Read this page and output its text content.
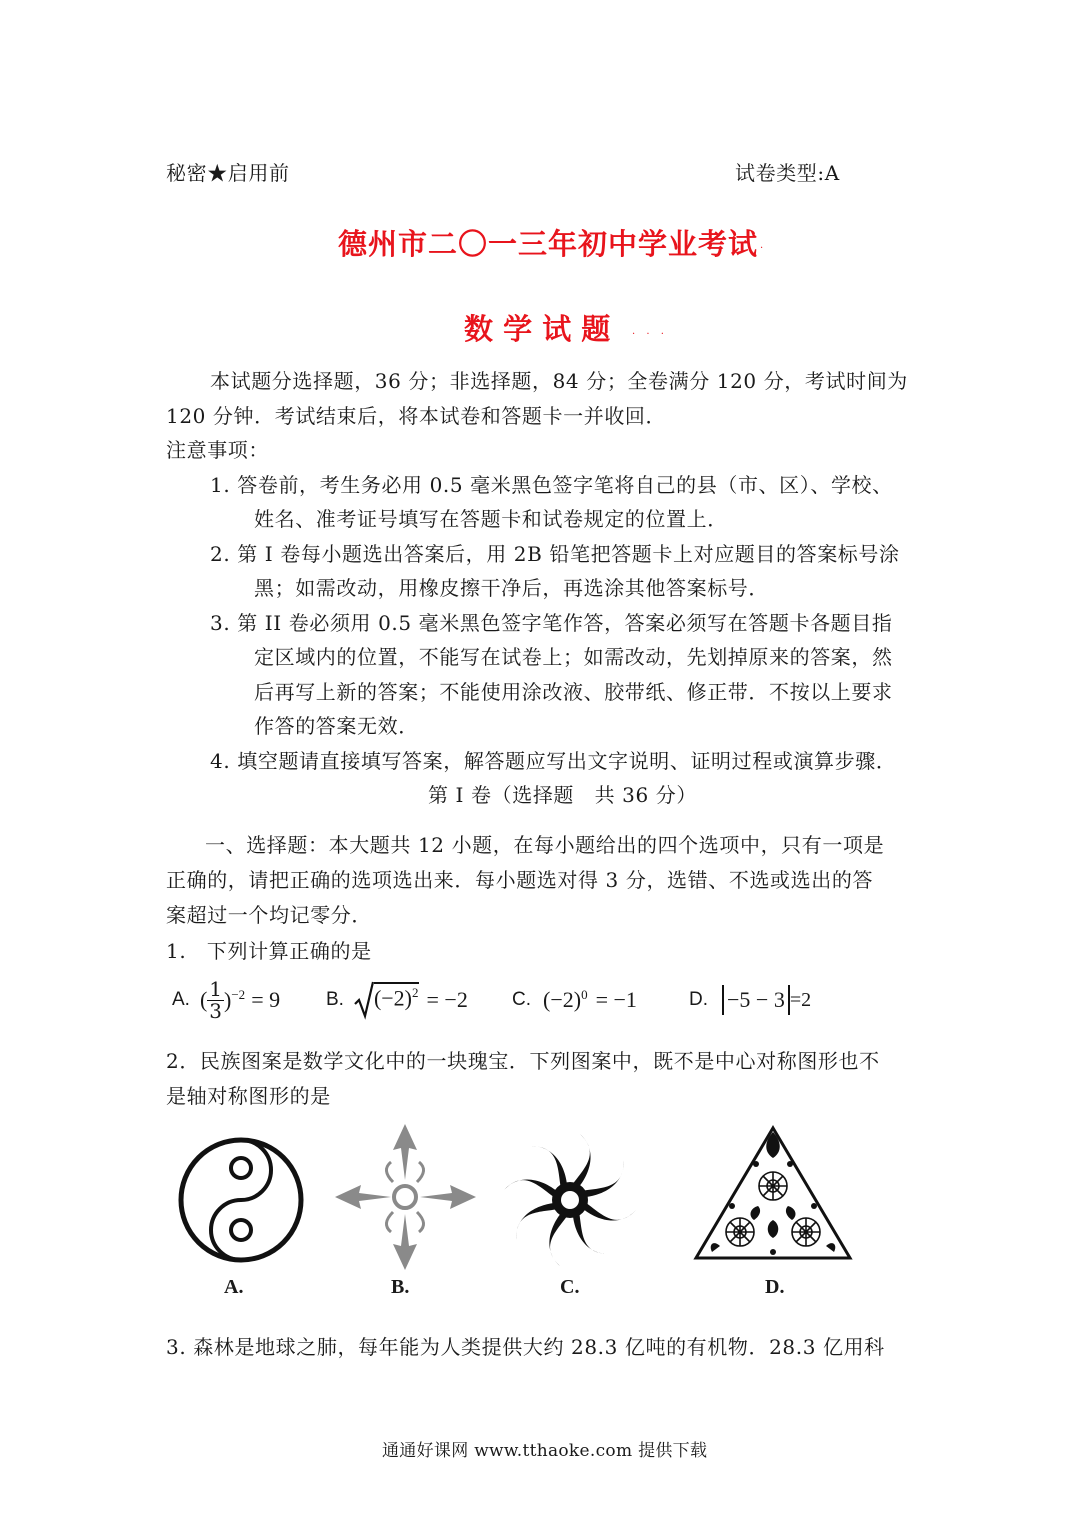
秘密★启用前	试卷类型:A
德州市二〇一三年初中学业考试 .
数 学 试 题 . . .
本试题分选择题，36 分；非选择题，84 分；全卷满分 120 分，考试时间为
120 分钟．考试结束后，将本试卷和答题卡一并收回．
注意事项：
1. 答卷前，考生务必用 0.5 毫米黑色签字笔将自己的县（市、区）、学校、
姓名、准考证号填写在答题卡和试卷规定的位置上．
2. 第 I 卷每小题选出答案后，用 2B 铅笔把答题卡上对应题目的答案标号涂
黑；如需改动，用橡皮擦干净后，再选涂其他答案标号．
3. 第 II 卷必须用 0.5 毫米黑色签字笔作答，答案必须写在答题卡各题目指
定区域内的位置，不能写在试卷上；如需改动，先划掉原来的答案，然
后再写上新的答案；不能使用涂改液、胶带纸、修正带．不按以上要求
作答的答案无效．
4. 填空题请直接填写答案，解答题应写出文字说明、证明过程或演算步骤．
第 I 卷（选择题　共 36 分）
一、选择题：本大题共 12 小题，在每小题给出的四个选项中，只有一项是
正确的，请把正确的选项选出来．每小题选对得 3 分，选错、不选或选出的答
案超过一个均记零分．
1.　下列计算正确的是
A. ( $\frac{1}{3} )^{-2} = 9$ B. $(-2)^2 = -2$ C. (−2) $^0$ = −1	D. −5 − 3 =2
2．民族图案是数学文化中的一块瑰宝．下列图案中，既不是中心对称图形也不
是轴对称图形的是
A.	B.	C.	D.
3. 森林是地球之肺，每年能为人类提供大约 28.3 亿吨的有机物．28.3 亿用科
通通好课网 www.tthaoke.com 提供下载
